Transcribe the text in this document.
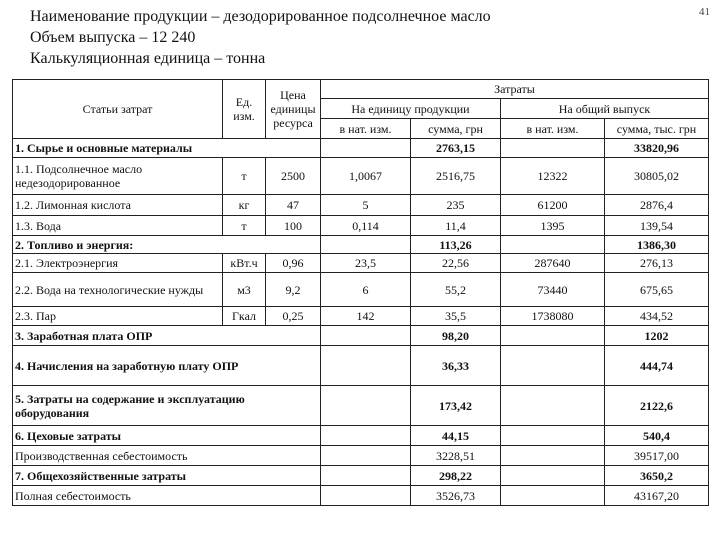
41
Наименование продукции – дезодорированное подсолнечное масло
Объем выпуска – 12 240
Калькуляционная единица – тонна
Статьи затрат	Ед. изм.	Цена единицы ресурса	Затраты			
			На единицу продукции		На общий выпуск	
			в нат. изм.	сумма, грн	в нат. изм.	сумма, тыс. грн
1. Сырье и основные материалы				2763,15		33820,96
1.1. Подсолнечное масло недезодорированное	т	2500	1,0067	2516,75	12322	30805,02
1.2. Лимонная кислота	кг	47	5	235	61200	2876,4
1.3. Вода	т	100	0,114	11,4	1395	139,54
2. Топливо и энергия:				113,26		1386,30
2.1. Электроэнергия	кВт.ч	0,96	23,5	22,56	287640	276,13
2.2. Вода на технологические нужды	м3	9,2	6	55,2	73440	675,65
2.3. Пар	Гкал	0,25	142	35,5	1738080	434,52
3. Заработная плата ОПР				98,20		1202
4. Начисления на заработную плату ОПР				36,33		444,74
5. Затраты на содержание и эксплуатацию оборудования				173,42		2122,6
6. Цеховые затраты				44,15		540,4
Производственная себестоимость				3228,51		39517,00
7. Общехозяйственные затраты				298,22		3650,2
Полная себестоимость				3526,73		43167,20
